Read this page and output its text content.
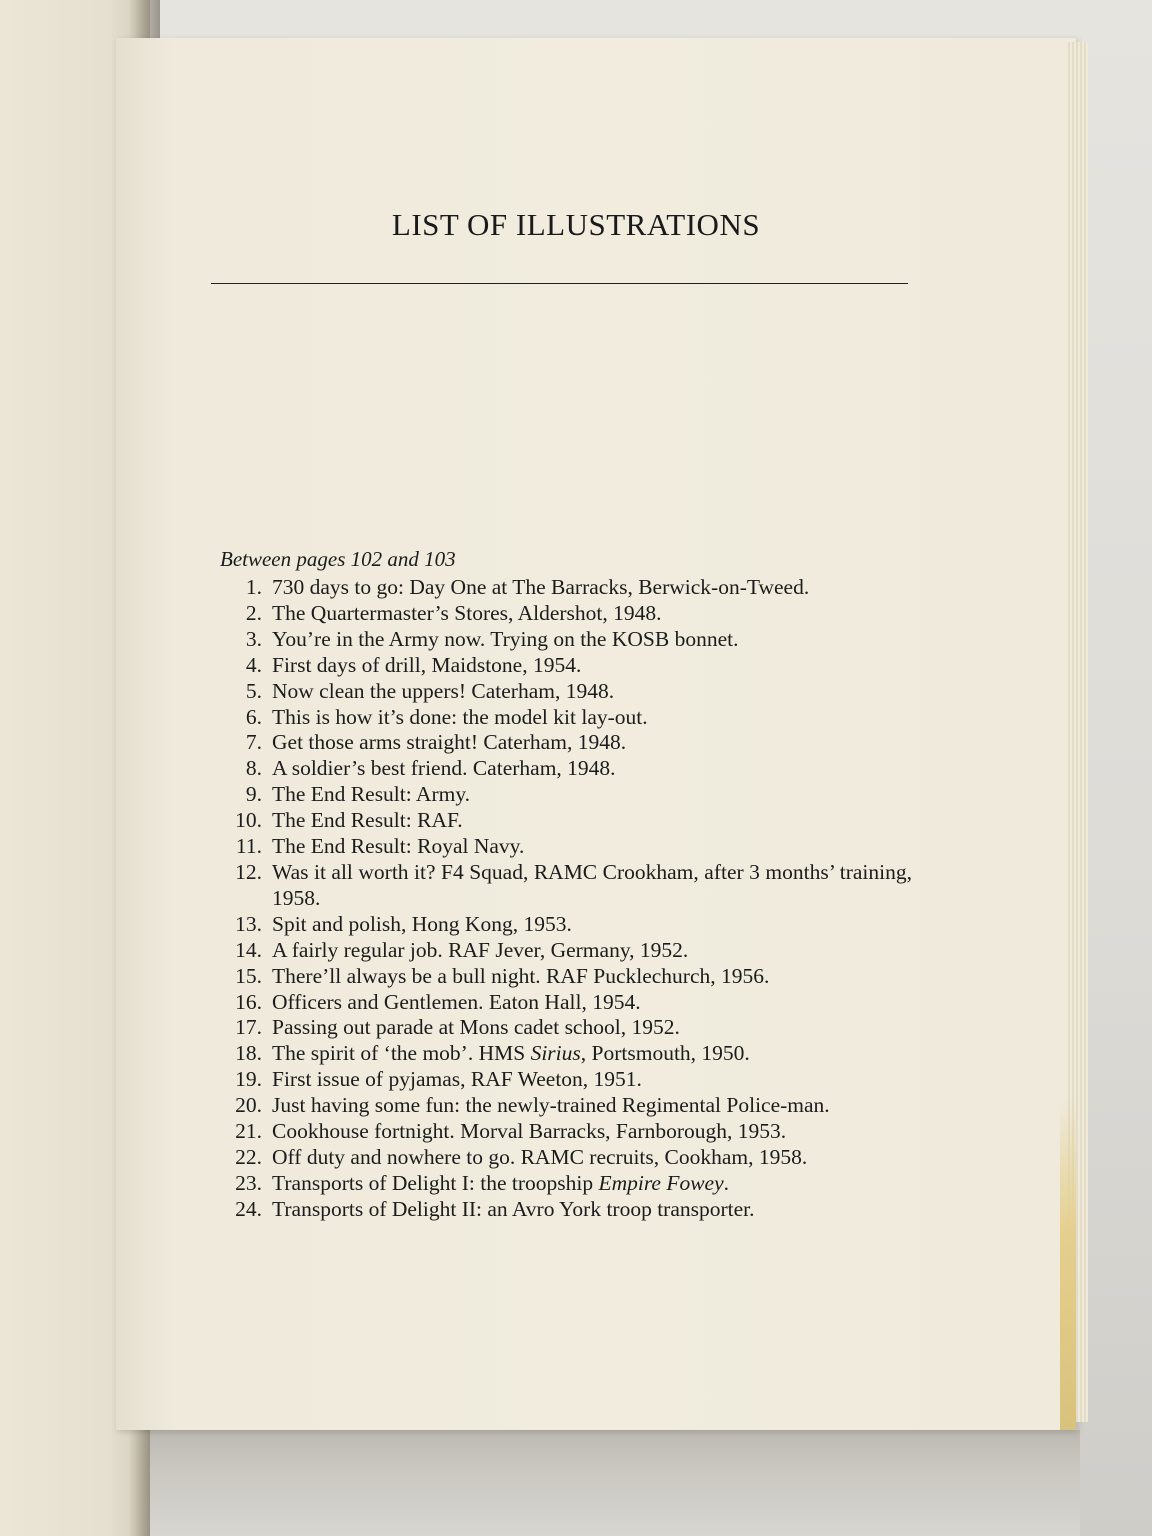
LIST OF ILLUSTRATIONS

Between pages 102 and 103

1. 730 days to go: Day One at The Barracks, Berwick-on-Tweed.
2. The Quartermaster’s Stores, Aldershot, 1948.
3. You’re in the Army now. Trying on the KOSB bonnet.
4. First days of drill, Maidstone, 1954.
5. Now clean the uppers! Caterham, 1948.
6. This is how it’s done: the model kit lay-out.
7. Get those arms straight! Caterham, 1948.
8. A soldier’s best friend. Caterham, 1948.
9. The End Result: Army.
10. The End Result: RAF.
11. The End Result: Royal Navy.
12. Was it all worth it? F4 Squad, RAMC Crookham, after 3 months’ training, 1958.
13. Spit and polish, Hong Kong, 1953.
14. A fairly regular job. RAF Jever, Germany, 1952.
15. There’ll always be a bull night. RAF Pucklechurch, 1956.
16. Officers and Gentlemen. Eaton Hall, 1954.
17. Passing out parade at Mons cadet school, 1952.
18. The spirit of ‘the mob’. HMS Sirius, Portsmouth, 1950.
19. First issue of pyjamas, RAF Weeton, 1951.
20. Just having some fun: the newly-trained Regimental Police-man.
21. Cookhouse fortnight. Morval Barracks, Farnborough, 1953.
22. Off duty and nowhere to go. RAMC recruits, Cookham, 1958.
23. Transports of Delight I: the troopship Empire Fowey.
24. Transports of Delight II: an Avro York troop transporter.
